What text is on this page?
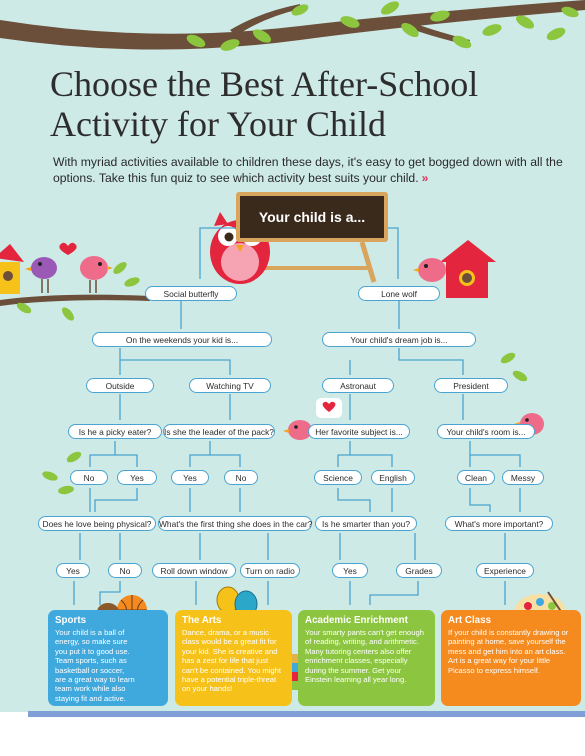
Choose the Best After-School Activity for Your Child
With myriad activities available to children these days, it's easy to get bogged down with all the options. Take this fun quiz to see which activity best suits your child. »
Your child is a...
Social butterfly	Lone wolf
On the weekends your kid is...	Your child's dream job is...
Outside	Watching TV	Astronaut	President
Is he a picky eater?	Is she the leader of the pack?	Her favorite subject is...	Your child's room is...
No	Yes	Yes	No	Science	English	Clean	Messy
Does he love being physical? What's the first thing she does in the car?	Is he smarter than you?	What's more important?
Yes	No	Roll down window	Turn on radio	Yes	Grades	Experience
Sports

Your child is a ball of energy, so make sure you put it to good use. Team sports, such as basketball or soccer, are a great way to learn team work while also staying fit and active.

The Arts

Dance, drama, or a music class would be a great fit for your kid. She is creative and has a zest for life that just can't be contained. You might have a potential triple-threat on your hands!

Academic Enrichment

Your smarty pants can't get enough of reading, writing, and arithmetic. Many tutoring centers also offer enrichment classes, especially during the summer. Get your Einstein learning all year long.

Art Class

If your child is constantly drawing or painting at home, save yourself the mess and get him into an art class. Art is a great way for your little Picasso to express himself.
